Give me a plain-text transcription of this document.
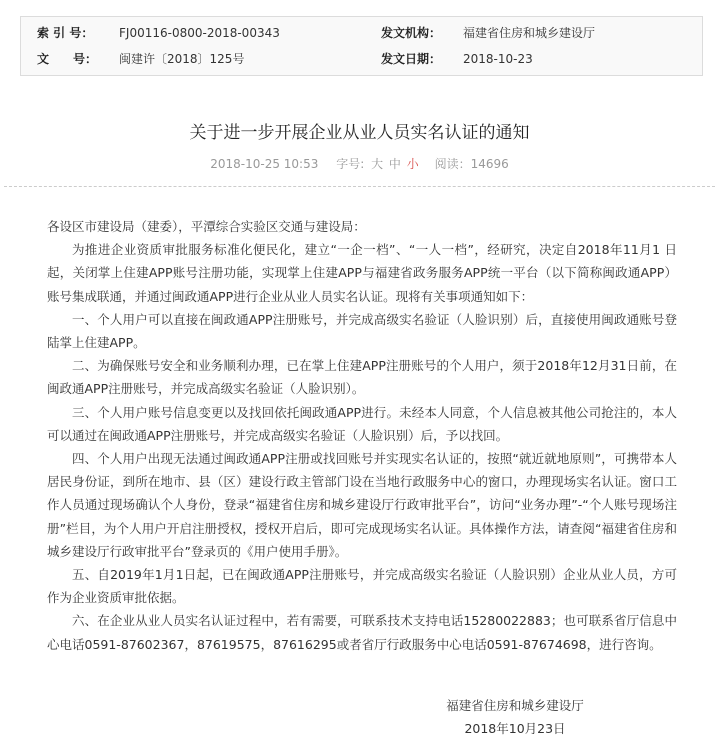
索 引 号： FJ00116-0800-2018-00343	发文机构： 福建省住房和城乡建设厅
文　　号： 闽建许〔2018〕125号	发文日期： 2018-10-23
关于进一步开展企业从业人员实名认证的通知
2018-10-25 10:53 字号: 大 中 小 阅读：14696

各设区市建设局（建委），平潭综合实验区交通与建设局：

为推进企业资质审批服务标准化便民化，建立“一企一档”、“一人一档”，经研究，决定自2018年11月1 日起，关闭掌上住建APP账号注册功能，实现掌上住建APP与福建省政务服务APP统一平台（以下简称闽政通APP）账号集成联通，并通过闽政通APP进行企业从业人员实名认证。现将有关事项通知如下：

一、个人用户可以直接在闽政通APP注册账号，并完成高级实名验证（人脸识别）后，直接使用闽政通账号登陆掌上住建APP。

二、为确保账号安全和业务顺利办理，已在掌上住建APP注册账号的个人用户，须于2018年12月31日前，在闽政通APP注册账号，并完成高级实名验证（人脸识别）。

三、个人用户账号信息变更以及找回依托闽政通APP进行。未经本人同意，个人信息被其他公司抢注的，本人可以通过在闽政通APP注册账号，并完成高级实名验证（人脸识别）后，予以找回。

四、个人用户出现无法通过闽政通APP注册或找回账号并实现实名认证的，按照“就近就地原则”，可携带本人居民身份证，到所在地市、县（区）建设行政主管部门设在当地行政服务中心的窗口，办理现场实名认证。窗口工作人员通过现场确认个人身份，登录“福建省住房和城乡建设厅行政审批平台”，访问“业务办理”-“个人账号现场注册”栏目，为个人用户开启注册授权，授权开启后，即可完成现场实名认证。具体操作方法，请查阅“福建省住房和城乡建设厅行政审批平台”登录页的《用户使用手册》。

五、自2019年1月1日起，已在闽政通APP注册账号，并完成高级实名验证（人脸识别）企业从业人员，方可作为企业资质审批依据。

六、在企业从业人员实名认证过程中，若有需要，可联系技术支持电话15280022883；也可联系省厅信息中心电话0591-87602367，87619575，87616295或者省厅行政服务中心电话0591-87674698，进行咨询。

福建省住房和城乡建设厅
2018年10月23日
